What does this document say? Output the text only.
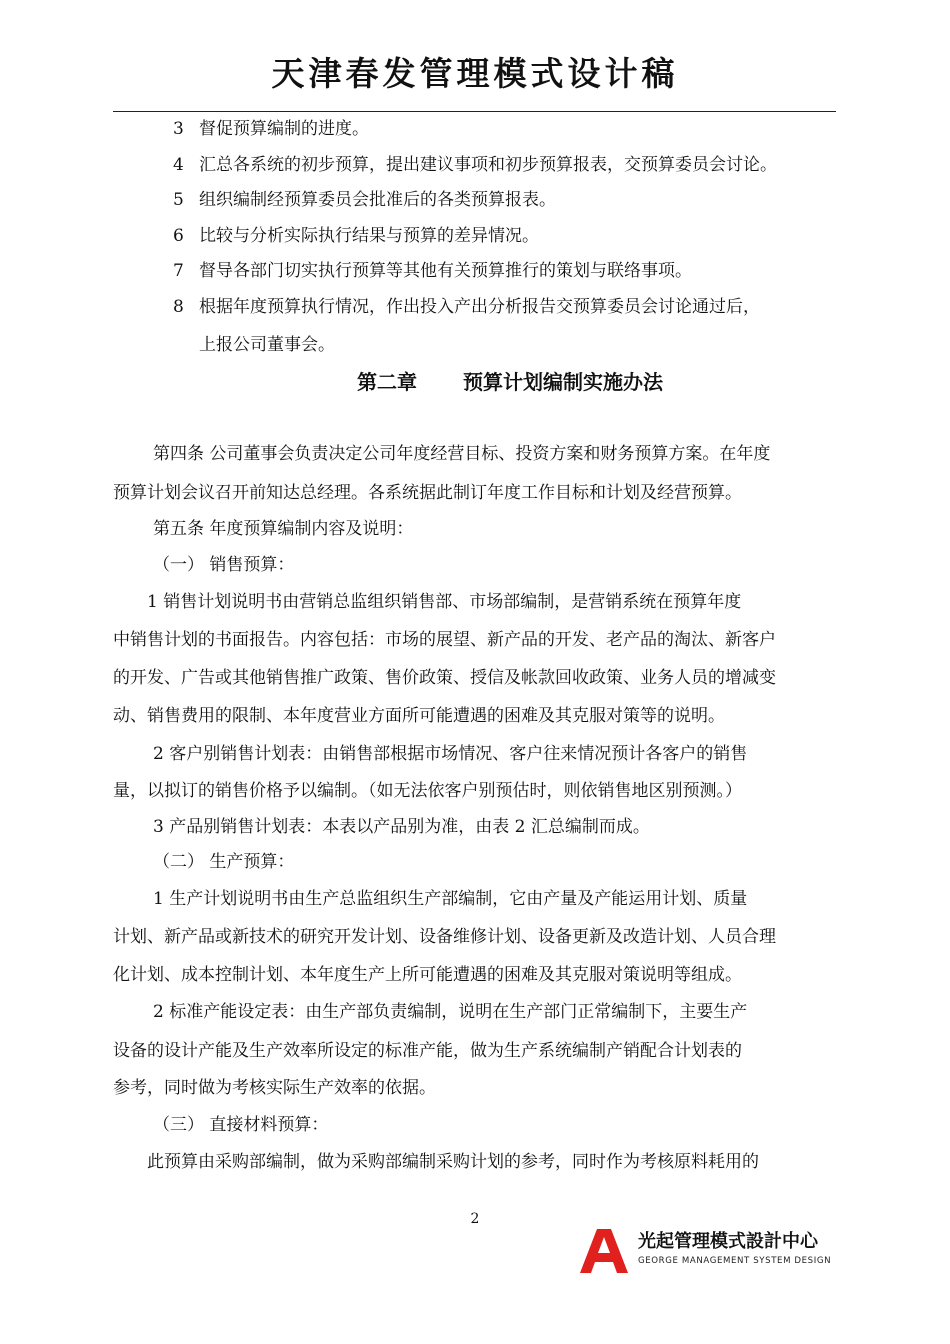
天津春发管理模式设计稿
3 督促预算编制的进度。
4 汇总各系统的初步预算，提出建议事项和初步预算报表，交预算委员会讨论。
5 组织编制经预算委员会批准后的各类预算报表。
6 比较与分析实际执行结果与预算的差异情况。
7 督导各部门切实执行预算等其他有关预算推行的策划与联络事项。
8 根据年度预算执行情况，作出投入产出分析报告交预算委员会讨论通过后，
上报公司董事会。
第二章 预算计划编制实施办法
第四条 公司董事会负责决定公司年度经营目标、投资方案和财务预算方案。在年度
预算计划会议召开前知达总经理。各系统据此制订年度工作目标和计划及经营预算。
第五条 年度预算编制内容及说明：
（一） 销售预算：
1 销售计划说明书由营销总监组织销售部、市场部编制，是营销系统在预算年度
中销售计划的书面报告。内容包括：市场的展望、新产品的开发、老产品的淘汰、新客户
的开发、广告或其他销售推广政策、售价政策、授信及帐款回收政策、业务人员的增减变
动、销售费用的限制、本年度营业方面所可能遭遇的困难及其克服对策等的说明。
2 客户别销售计划表：由销售部根据市场情况、客户往来情况预计各客户的销售
量，以拟订的销售价格予以编制。（如无法依客户别预估时，则依销售地区别预测。）
3 产品别销售计划表：本表以产品别为准，由表 2 汇总编制而成。
（二） 生产预算：
1 生产计划说明书由生产总监组织生产部编制，它由产量及产能运用计划、质量
计划、新产品或新技术的研究开发计划、设备维修计划、设备更新及改造计划、人员合理
化计划、成本控制计划、本年度生产上所可能遭遇的困难及其克服对策说明等组成。
2 标准产能设定表：由生产部负责编制，说明在生产部门正常编制下，主要生产
设备的设计产能及生产效率所设定的标准产能，做为生产系统编制产销配合计划表的
参考，同时做为考核实际生产效率的依据。
（三） 直接材料预算：
此预算由采购部编制，做为采购部编制采购计划的参考，同时作为考核原料耗用的
2
光起管理模式設計中心
GEORGE MANAGEMENT SYSTEM DESIGN
